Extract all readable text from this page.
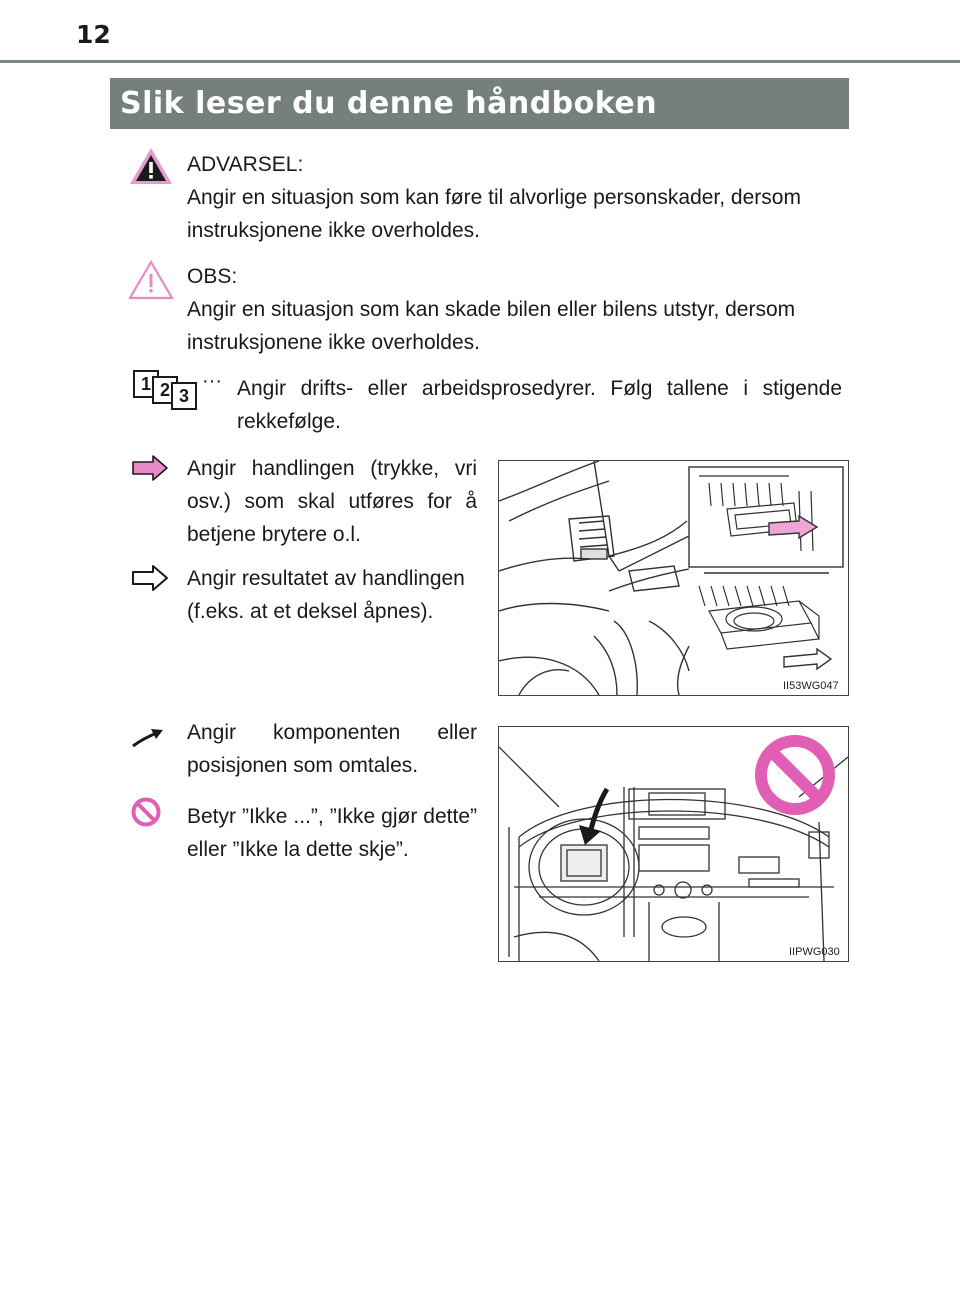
12
Slik leser du denne håndboken
ADVARSEL:
Angir en situasjon som kan føre til alvorlige personskader, dersom instruksjonene ikke overholdes.
OBS:
Angir en situasjon som kan skade bilen eller bilens utstyr, dersom instruksjonene ikke overholdes.
1 2 3
··· Angir drifts- eller arbeidsprosedyrer. Følg tallene i stigende rekkefølge.
Angir handlingen (trykke, vri osv.) som skal utføres for å betjene brytere o.l.
Angir resultatet av handlingen (f.eks. at et deksel åpnes).
Angir komponenten eller posisjonen som omtales.
Betyr ”Ikke ...”, ”Ikke gjør dette” eller ”Ikke la dette skje”.
II53WG047
IIPWG030
